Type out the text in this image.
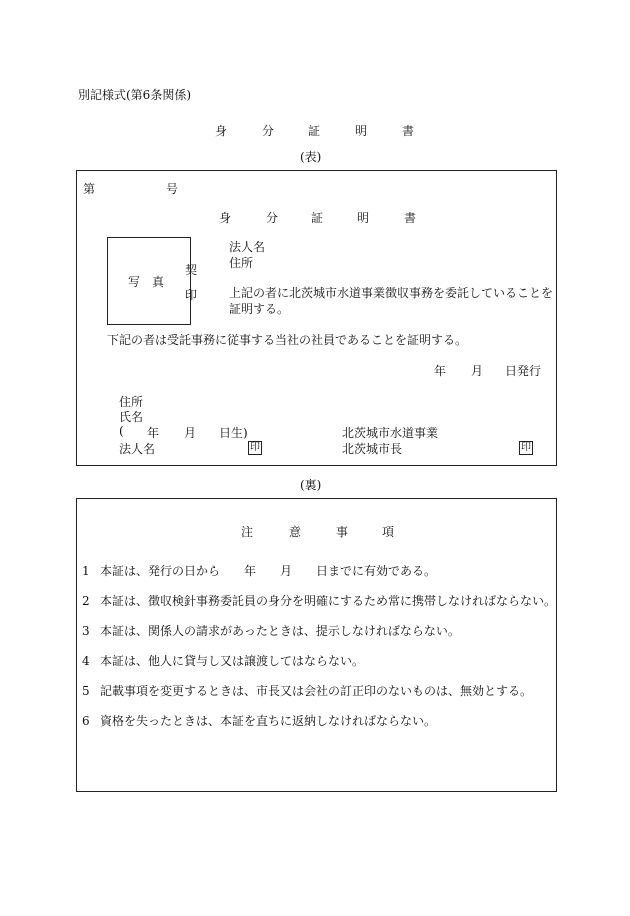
別記様式(第6条関係)
身	分	証	明	書
(表)
第	号
身	分	証	明	書
写　真
契
印
法人名
住所
上記の者に北茨城市水道事業徴収事務を委託していることを
証明する。
下記の者は受託事務に従事する当社の社員であることを証明する。
年 月 日発行
住所
氏名
( 年 月 日生)
法人名	印
北茨城市水道事業
北茨城市長	印
(裏)
注	意	事	項
1 本証は、発行の日から　　年　　月　　日までに有効である。
2 本証は、徴収検針事務委託員の身分を明確にするため常に携帯しなければならない。
3 本証は、関係人の請求があったときは、提示しなければならない。
4 本証は、他人に貸与し又は譲渡してはならない。
5 記載事項を変更するときは、市長又は会社の訂正印のないものは、無効とする。
6 資格を失ったときは、本証を直ちに返納しなければならない。
